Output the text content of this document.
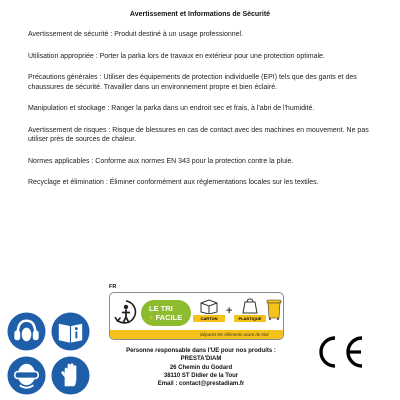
Avertissement et Informations de Sécurité

Avertissement de sécurité : Produit destiné à un usage professionnel.

Utilisation appropriée : Porter la parka lors de travaux en extérieur pour une protection optimale.

Précautions générales : Utiliser des équipements de protection individuelle (EPI) tels que des gants et des chaussures de sécurité. Travailler dans un environnement propre et bien éclairé.

Manipulation et stockage : Ranger la parka dans un endroit sec et frais, à l'abri de l'humidité.

Avertissement de risques : Risque de blessures en cas de contact avec des machines en mouvement. Ne pas utiliser près de sources de chaleur.

Normes applicables : Conforme aux normes EN 343 pour la protection contre la pluie.

Recyclage et élimination : Éliminer conformément aux réglementations locales sur les textiles.

FR
LE TRI
+ FACILE	CARTON
+
PLASTIQUE
Séparez les éléments avant de trier
Personne responsable dans l'UE pour nos produits :
PRESTA'DIAM
26 Chemin du Godard
38110 ST Didier de la Tour
Email : contact@prestadiam.fr
